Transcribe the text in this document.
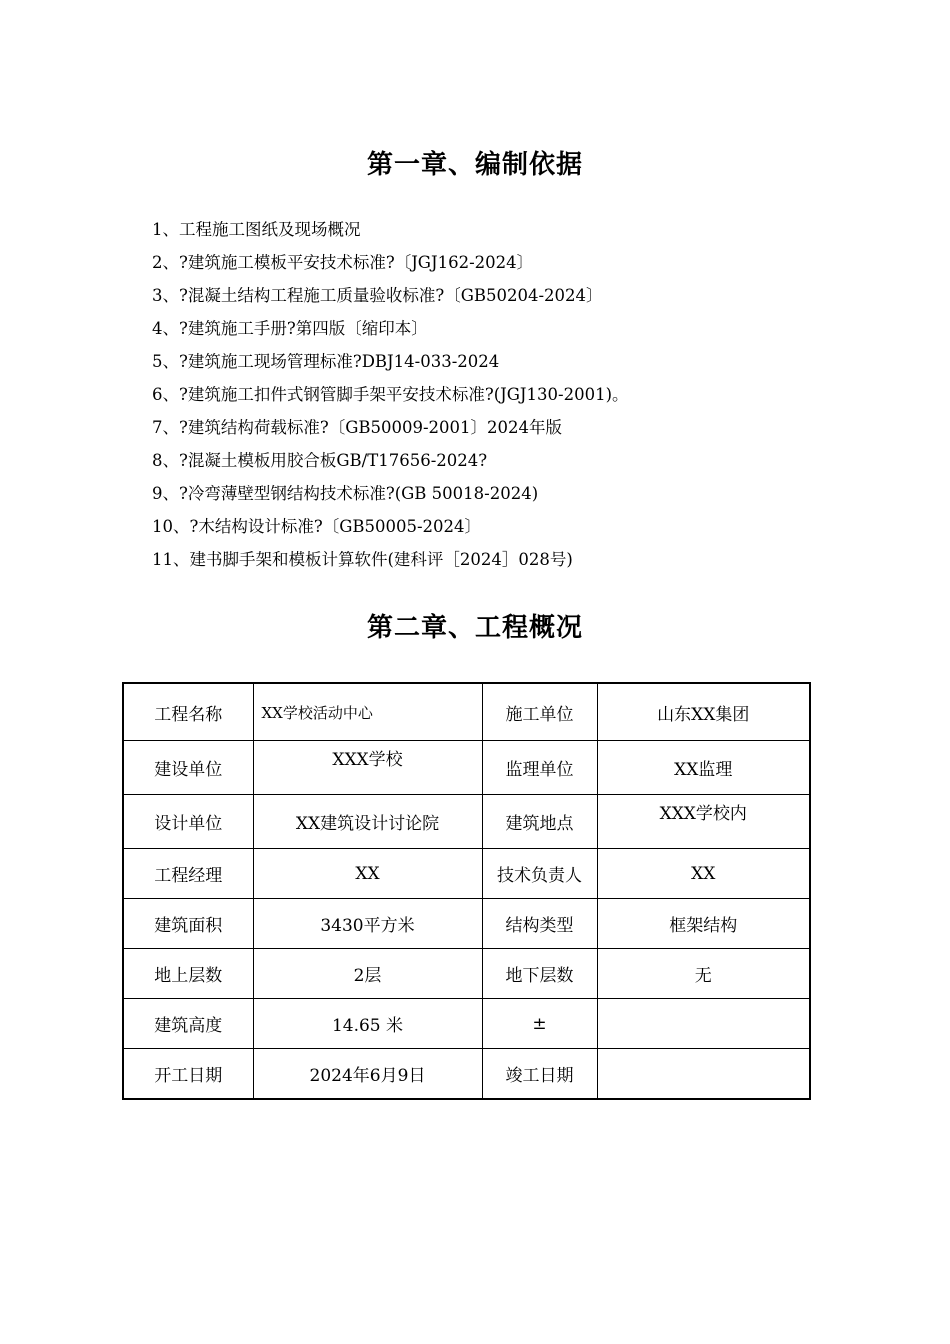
第一章、编制依据
1、工程施工图纸及现场概况
2、?建筑施工模板平安技术标准?〔JGJ162-2024〕
3、?混凝土结构工程施工质量验收标准?〔GB50204-2024〕
4、?建筑施工手册?第四版〔缩印本〕
5、?建筑施工现场管理标准?DBJ14-033-2024
6、?建筑施工扣件式钢管脚手架平安技术标准?(JGJ130-2001)。
7、?建筑结构荷载标准?〔GB50009-2001〕2024年版
8、?混凝土模板用胶合板GB/T17656-2024?
9、?冷弯薄壁型钢结构技术标准?(GB 50018-2024)
10、?木结构设计标准?〔GB50005-2024〕
11、建书脚手架和模板计算软件(建科评［2024］028号)
第二章、工程概况
工程名称	XX学校活动中心	施工单位	山东XX集团
建设单位	XXX学校	监理单位	XX监理
设计单位	XX建筑设计讨论院	建筑地点	XXX学校内
工程经理	XX	技术负责人	XX
建筑面积	3430平方米	结构类型	框架结构
地上层数	2层	地下层数	无
建筑高度	14.65 米	±	
开工日期	2024年6月9日	竣工日期	
